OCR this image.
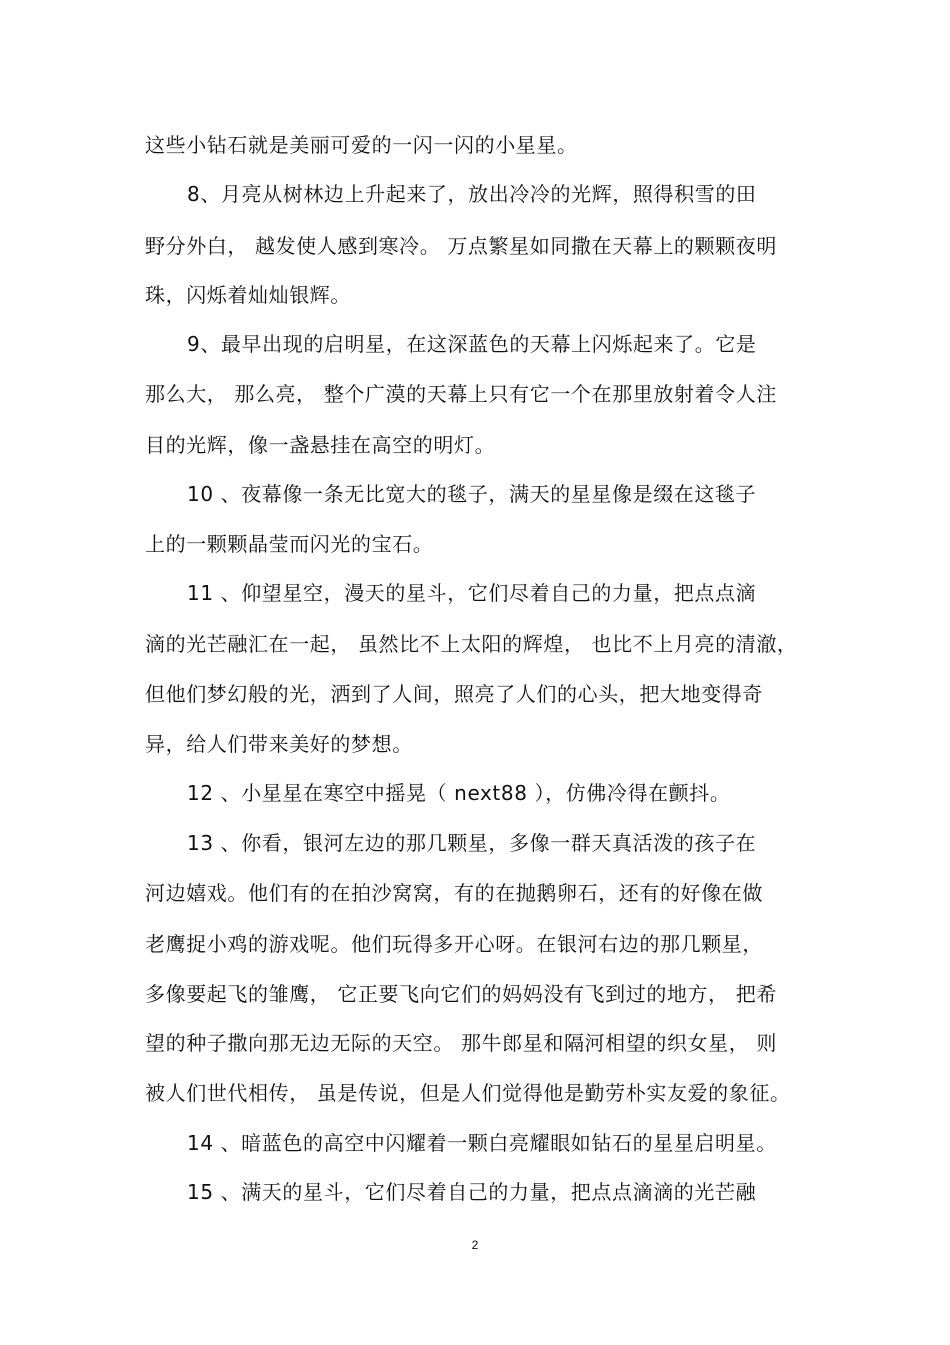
这些小钻石就是美丽可爱的一闪一闪的小星星。
8、月亮从树林边上升起来了，放出冷冷的光辉，照得积雪的田
野分外白， 越发使人感到寒冷。 万点繁星如同撒在天幕上的颗颗夜明
珠，闪烁着灿灿银辉。
9、最早出现的启明星，在这深蓝色的天幕上闪烁起来了。它是
那么大， 那么亮， 整个广漠的天幕上只有它一个在那里放射着令人注
目的光辉，像一盏悬挂在高空的明灯。
10 、夜幕像一条无比宽大的毯子，满天的星星像是缀在这毯子
上的一颗颗晶莹而闪光的宝石。
11 、仰望星空，漫天的星斗，它们尽着自己的力量，把点点滴
滴的光芒融汇在一起， 虽然比不上太阳的辉煌， 也比不上月亮的清澈，
但他们梦幻般的光，洒到了人间，照亮了人们的心头，把大地变得奇
异，给人们带来美好的梦想。
12 、小星星在寒空中摇晃（ next88 ），仿佛冷得在颤抖。
13 、你看，银河左边的那几颗星，多像一群天真活泼的孩子在
河边嬉戏。他们有的在拍沙窝窝，有的在抛鹅卵石，还有的好像在做
老鹰捉小鸡的游戏呢。他们玩得多开心呀。在银河右边的那几颗星，
多像要起飞的雏鹰， 它正要飞向它们的妈妈没有飞到过的地方， 把希
望的种子撒向那无边无际的天空。 那牛郎星和隔河相望的织女星， 则
被人们世代相传， 虽是传说，但是人们觉得他是勤劳朴实友爱的象征。
14 、暗蓝色的高空中闪耀着一颗白亮耀眼如钻石的星星启明星。
15 、满天的星斗，它们尽着自己的力量，把点点滴滴的光芒融
2
